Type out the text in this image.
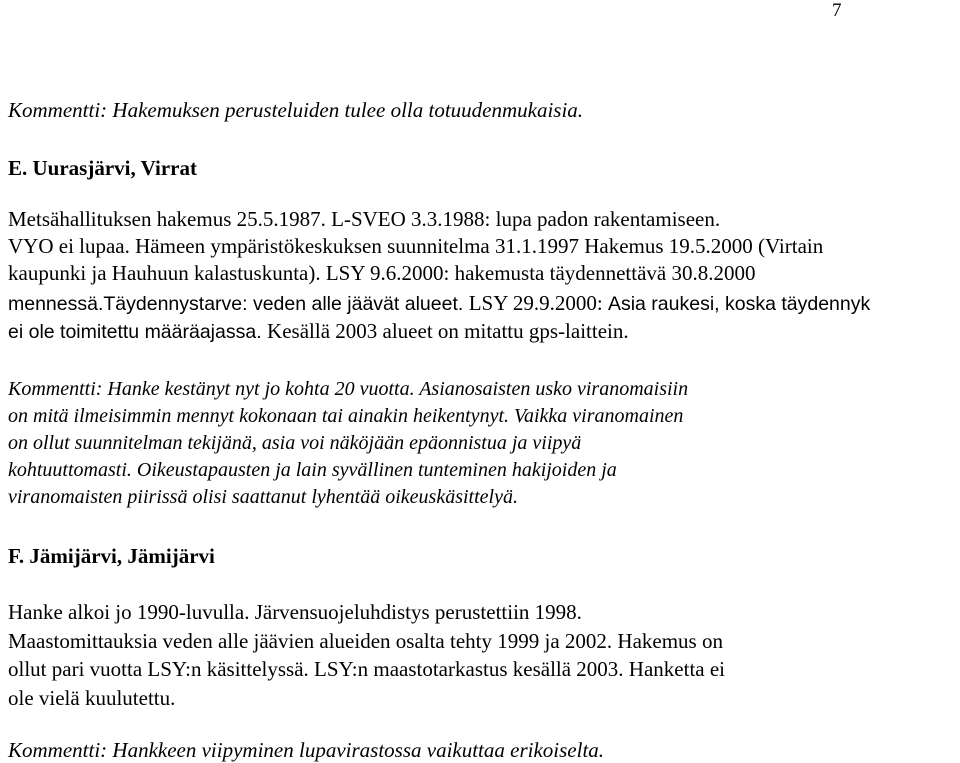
7

Kommentti: Hakemuksen perusteluiden tulee olla totuudenmukaisia.

E. Uurasjärvi, Virrat
Metsähallituksen hakemus 25.5.1987. L-SVEO 3.3.1988: lupa padon rakentamiseen.
VYO ei lupaa. Hämeen ympäristökeskuksen suunnitelma 31.1.1997 Hakemus 19.5.2000 (Virtain
kaupunki ja Hauhuun kalastuskunta). LSY 9.6.2000: hakemusta täydennettävä 30.8.2000
mennessä.Täydennystarve: veden alle jäävät alueet. LSY 29.9.2000: Asia raukesi, koska täydennyk
ei ole toimitettu määräajassa. Kesällä 2003 alueet on mitattu gps-laittein.
Kommentti: Hanke kestänyt nyt jo kohta 20 vuotta. Asianosaisten usko viranomaisiin
on mitä ilmeisimmin mennyt kokonaan tai ainakin heikentynyt. Vaikka viranomainen
on ollut suunnitelman tekijänä, asia voi näköjään epäonnistua ja viipyä
kohtuuttomasti. Oikeustapausten ja lain syvällinen tunteminen hakijoiden ja
viranomaisten piirissä olisi saattanut lyhentää oikeuskäsittelyä.
F. Jämijärvi, Jämijärvi
Hanke alkoi jo 1990-luvulla. Järvensuojeluhdistys perustettiin 1998.
Maastomittauksia veden alle jäävien alueiden osalta tehty 1999 ja 2002. Hakemus on
ollut pari vuotta LSY:n käsittelyssä. LSY:n maastotarkastus kesällä 2003. Hanketta ei
ole vielä kuulutettu.

Kommentti: Hankkeen viipyminen lupavirastossa vaikuttaa erikoiselta.
